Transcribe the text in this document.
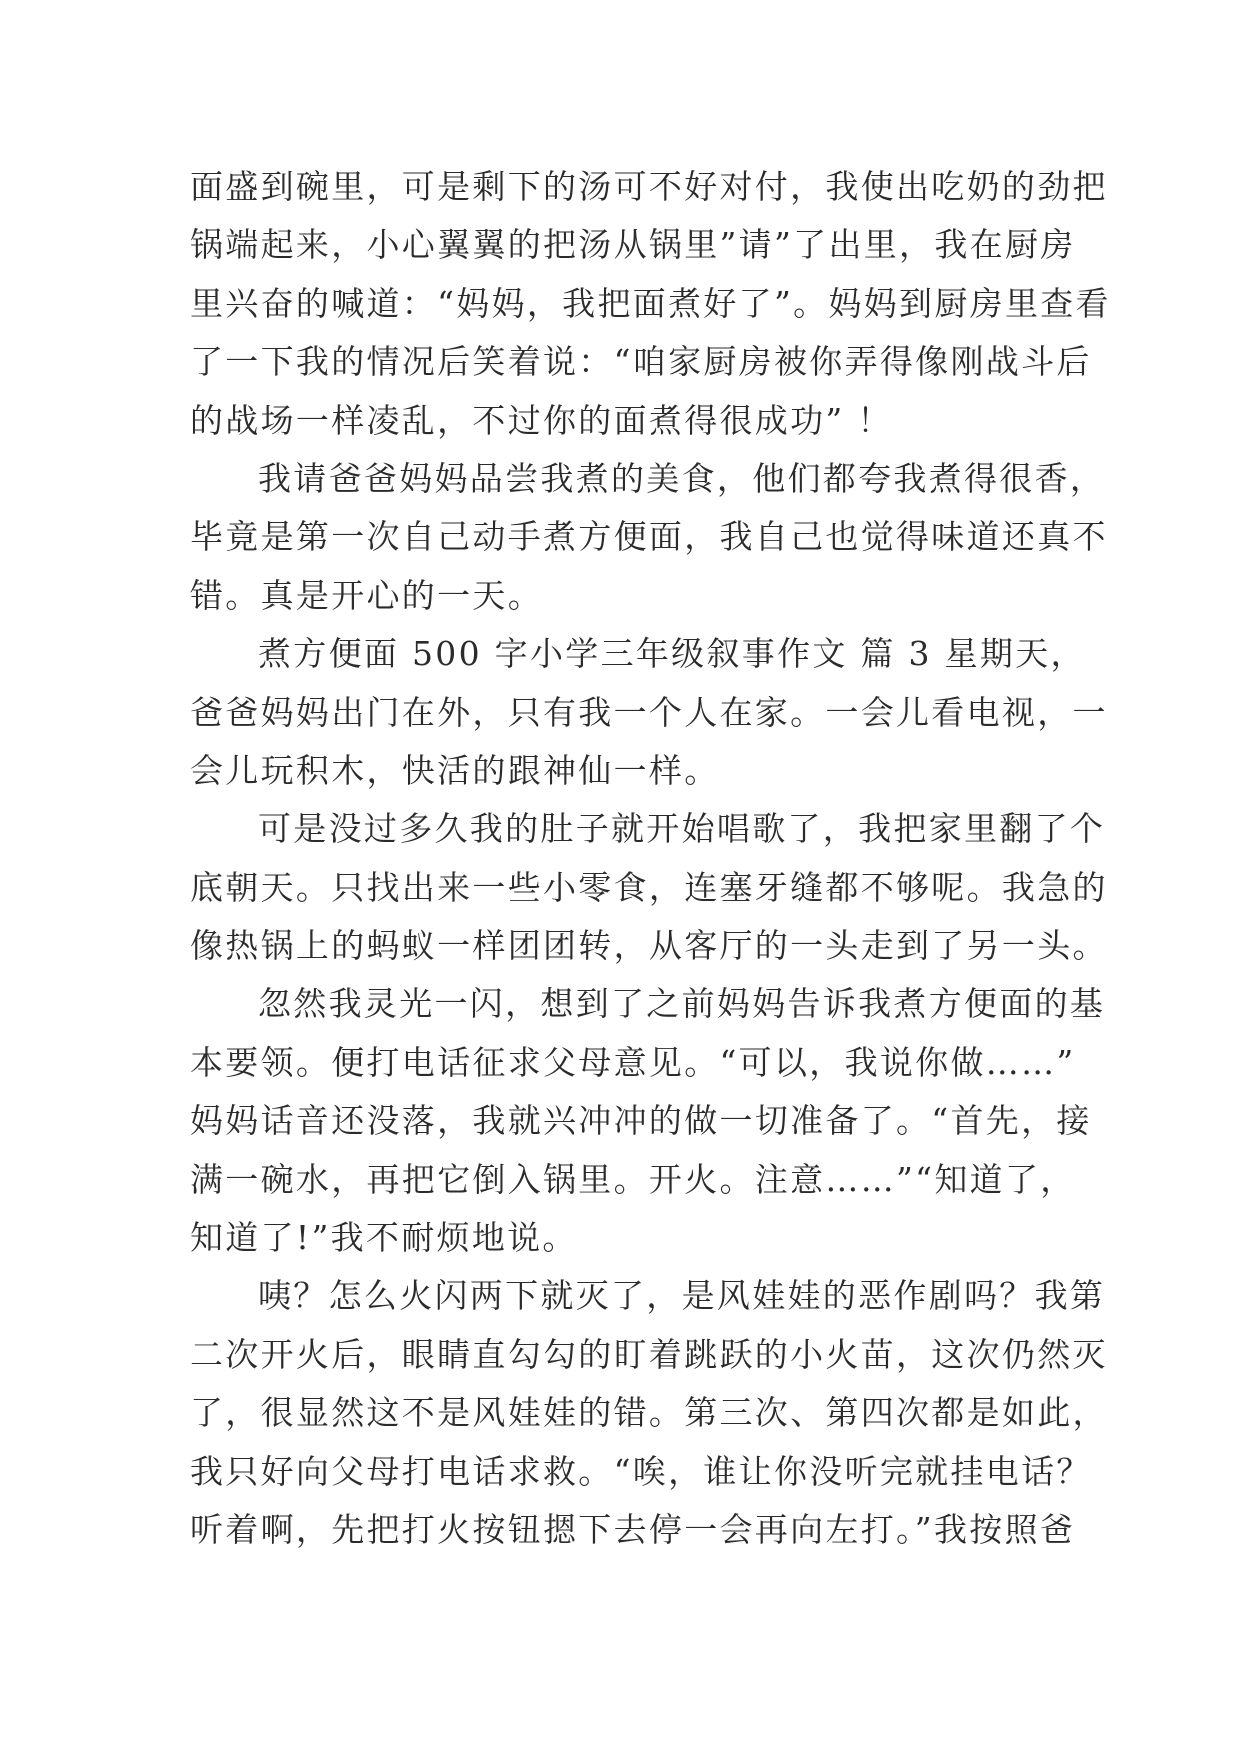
面盛到碗里，可是剩下的汤可不好对付，我使出吃奶的劲把
锅端起来，小心翼翼的把汤从锅里”请”了出里，我在厨房
里兴奋的喊道：“妈妈，我把面煮好了”。妈妈到厨房里查看
了一下我的情况后笑着说：“咱家厨房被你弄得像刚战斗后
的战场一样凌乱，不过你的面煮得很成功” ！
我请爸爸妈妈品尝我煮的美食，他们都夸我煮得很香，
毕竟是第一次自己动手煮方便面，我自己也觉得味道还真不
错。真是开心的一天。
煮方便面 500 字小学三年级叙事作文 篇 3 星期天，
爸爸妈妈出门在外，只有我一个人在家。一会儿看电视，一
会儿玩积木，快活的跟神仙一样。
可是没过多久我的肚子就开始唱歌了，我把家里翻了个
底朝天。只找出来一些小零食，连塞牙缝都不够呢。我急的
像热锅上的蚂蚁一样团团转，从客厅的一头走到了另一头。
忽然我灵光一闪，想到了之前妈妈告诉我煮方便面的基
本要领。便打电话征求父母意见。“可以，我说你做……”
妈妈话音还没落，我就兴冲冲的做一切准备了。“首先，接
满一碗水，再把它倒入锅里。开火。注意……”“知道了，
知道了!”我不耐烦地说。
咦？怎么火闪两下就灭了，是风娃娃的恶作剧吗？我第
二次开火后，眼睛直勾勾的盯着跳跃的小火苗，这次仍然灭
了，很显然这不是风娃娃的错。第三次、第四次都是如此，
我只好向父母打电话求救。“唉，谁让你没听完就挂电话？
听着啊，先把打火按钮摁下去停一会再向左打。”我按照爸
